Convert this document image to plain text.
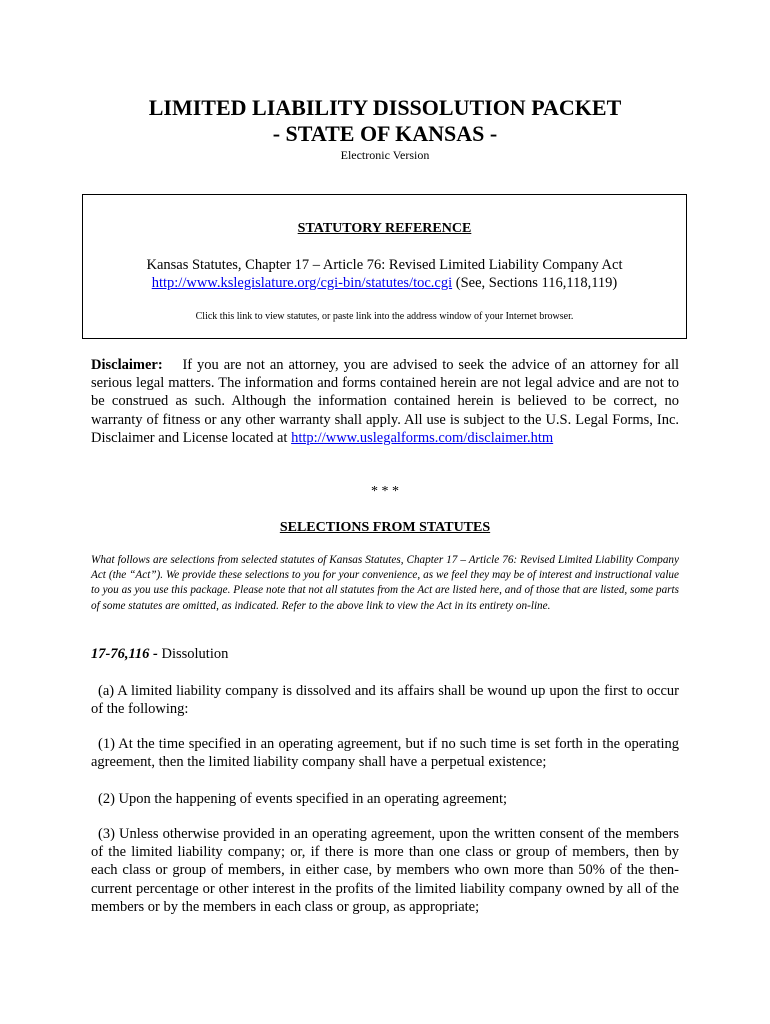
LIMITED LIABILITY DISSOLUTION PACKET
- STATE OF KANSAS -
Electronic Version
STATUTORY REFERENCE
Kansas Statutes, Chapter 17 – Article 76: Revised Limited Liability Company Act
http://www.kslegislature.org/cgi-bin/statutes/toc.cgi (See, Sections 116,118,119)
Click this link to view statutes, or paste link into the address window of your Internet browser.
Disclaimer: If you are not an attorney, you are advised to seek the advice of an attorney for all serious legal matters. The information and forms contained herein are not legal advice and are not to be construed as such. Although the information contained herein is believed to be correct, no warranty of fitness or any other warranty shall apply. All use is subject to the U.S. Legal Forms, Inc. Disclaimer and License located at http://www.uslegalforms.com/disclaimer.htm
* * *
SELECTIONS FROM STATUTES
What follows are selections from selected statutes of Kansas Statutes, Chapter 17 – Article 76: Revised Limited Liability Company Act (the “Act”). We provide these selections to you for your convenience, as we feel they may be of interest and instructional value to you as you use this package. Please note that not all statutes from the Act are listed here, and of those that are listed, some parts of some statutes are omitted, as indicated. Refer to the above link to view the Act in its entirety on-line.
17-76,116 - Dissolution
(a) A limited liability company is dissolved and its affairs shall be wound up upon the first to occur of the following:
(1) At the time specified in an operating agreement, but if no such time is set forth in the operating agreement, then the limited liability company shall have a perpetual existence;
(2) Upon the happening of events specified in an operating agreement;
(3) Unless otherwise provided in an operating agreement, upon the written consent of the members of the limited liability company; or, if there is more than one class or group of members, then by each class or group of members, in either case, by members who own more than 50% of the then-current percentage or other interest in the profits of the limited liability company owned by all of the members or by the members in each class or group, as appropriate;
